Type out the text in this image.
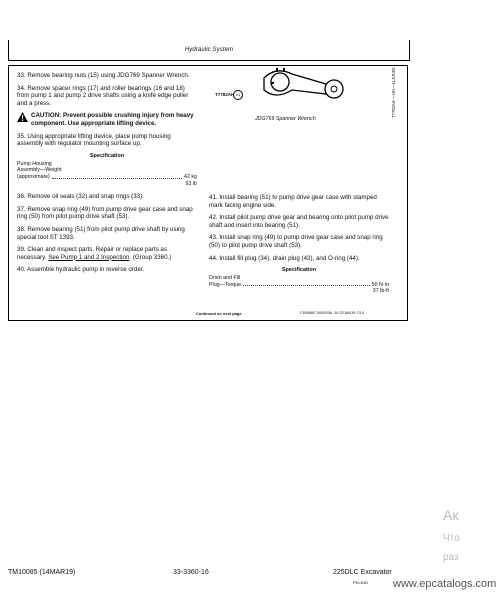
Hydraulic System

33. Remove bearing nuts (15) using JDG769 Spanner Wrench.

34. Remove spacer rings (17) and roller bearings (16 and 18) from pump 1 and pump 2 drive shafts using a knife edge puller and a press.

CAUTION: Prevent possible crushing injury from heavy component. Use appropriate lifting device.

35. Using appropriate lifting device, place pump housing assembly with regulator mounting surface up.

Specification
Pump Housing
Assembly—Weight
(approximate)	42 kg
93 lb

36. Remove oil seals (32) and snap rings (33).

37. Remove snap ring (49) from pump drive gear case and snap ring (50) from pilot pump drive shaft (53).

38. Remove bearing (51) from pilot pump drive shaft by using special tool ST 1393.

39. Clean and inspect parts. Repair or replace parts as necessary. See Pump 1 and 2 Inspection. (Group 3360.)

40. Assemble hydraulic pump in reverse order.

41. Install bearing (51) to pump drive gear case with stamped mark facing engine side.

42. Install pilot pump drive gear and bearing onto pilot pump drive shaft and insert into bearing (51).

43. Install snap ring (49) to pump drive gear case and snap ring (50) to pilot pump drive shaft (53).

44. Install fill plug (34), drain plug (43), and O-ring (44).

Specification
Drain and Fill
Plug—Torque	50 N·m
37 lb-ft
T7782AH 01
JDG769 Spanner Wrench
T7782AH —UN—11JUN92
Continued on next page	CS99887,000009A -19-22JAN19-7/14
TM10085 (14MAR19)	33-3360-16	225DLC Excavator
PN=638 www.epcatalogs.com
Ак
Что
раз
